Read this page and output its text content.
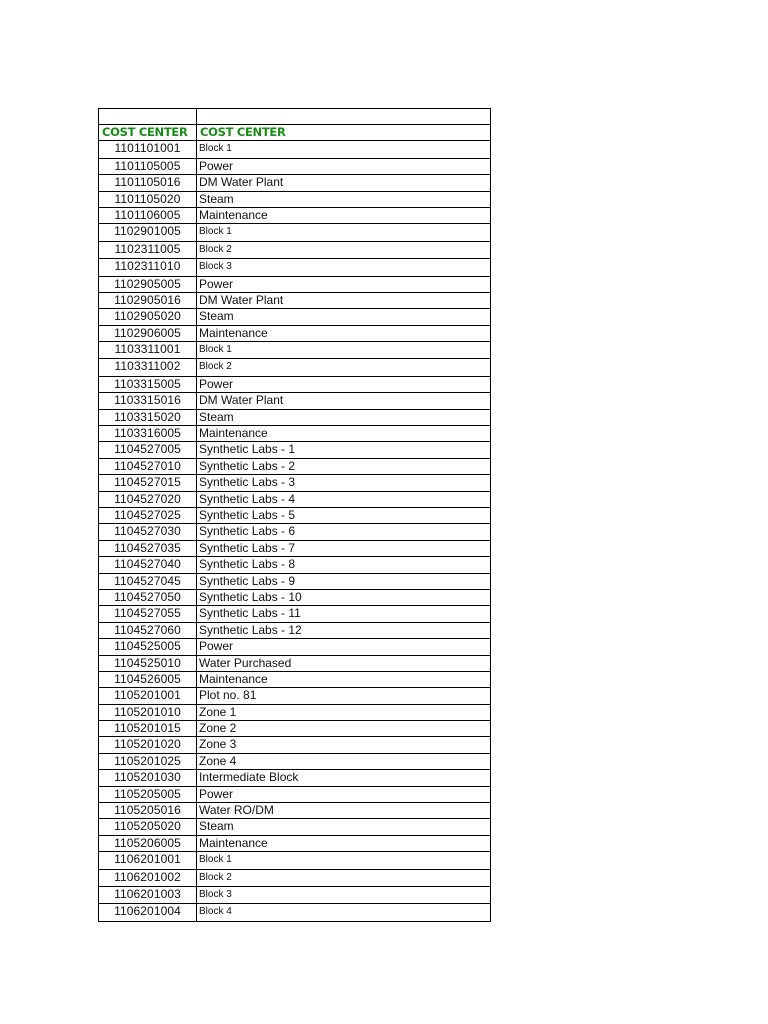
COST CENTER	COST CENTER
1101101001	Block 1
1101105005	Power
1101105016	DM Water Plant
1101105020	Steam
1101106005	Maintenance
1102901005	Block 1
1102311005	Block 2
1102311010	Block 3
1102905005	Power
1102905016	DM Water Plant
1102905020	Steam
1102906005	Maintenance
1103311001	Block 1
1103311002	Block 2
1103315005	Power
1103315016	DM Water Plant
1103315020	Steam
1103316005	Maintenance
1104527005	Synthetic Labs - 1
1104527010	Synthetic Labs - 2
1104527015	Synthetic Labs - 3
1104527020	Synthetic Labs - 4
1104527025	Synthetic Labs - 5
1104527030	Synthetic Labs - 6
1104527035	Synthetic Labs - 7
1104527040	Synthetic Labs - 8
1104527045	Synthetic Labs - 9
1104527050	Synthetic Labs - 10
1104527055	Synthetic Labs - 11
1104527060	Synthetic Labs - 12
1104525005	Power
1104525010	Water Purchased
1104526005	Maintenance
1105201001	Plot no. 81
1105201010	Zone 1
1105201015	Zone 2
1105201020	Zone 3
1105201025	Zone 4
1105201030	Intermediate Block
1105205005	Power
1105205016	Water RO/DM
1105205020	Steam
1105206005	Maintenance
1106201001	Block 1
1106201002	Block 2
1106201003	Block 3
1106201004	Block 4
